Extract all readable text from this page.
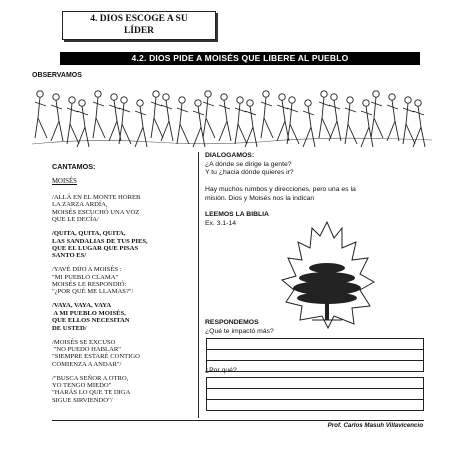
4. DIOS ESCOGE A SU
LÍDER
4.2. DIOS PIDE A MOISÉS QUE LIBERE AL PUEBLO
OBSERVAMOS
CANTAMOS:
MOISÉS
/ALLÁ EN EL MONTE HOREB
LA ZARZA ARDÍA,
MOISÉS ESCUCHÓ UNA VOZ
QUE LE DECÍA/
/QUITA, QUITA, QUITA,
LAS SANDALIAS DE TUS PIES,
QUE EL LUGAR QUE PISAS
SANTO ES/
/YAVÉ DIJO A MOISÉS :
"MI PUEBLO CLAMA"
MOISÉS LE RESPONDIÓ:
"¿POR QUÉ ME LLAMAS?"/
/VAYA, VAYA, VAYA
A MI PUEBLO MOISÉS,
QUE ELLOS NECESITAN
DE USTED/
/MOISÉS SE EXCUSO
"NO PUEDO HABLAR"
"SIEMPRE ESTARÉ CONTIGO
COMIENZA A ANDAR"/
/"BUSCA SEÑOR A OTRO,
YO TENGO MIEDO"
"HARÁS LO QUE TE DIGA
SIGUE SIRVIENDO"/
DIALOGAMOS:
¿A dónde se dirige la gente?
Y tu ¿hacia dónde quieres ir?
Hay muchos rumbos y direcciones, pero una es la
misión. Dios y Moisés nos la indican
LEEMOS LA BIBLIA
Ex. 3.1-14
RESPONDEMOS
¿Qué te impactó más?
¿Por qué?
Prof. Carlos Masuh Villavicencio
